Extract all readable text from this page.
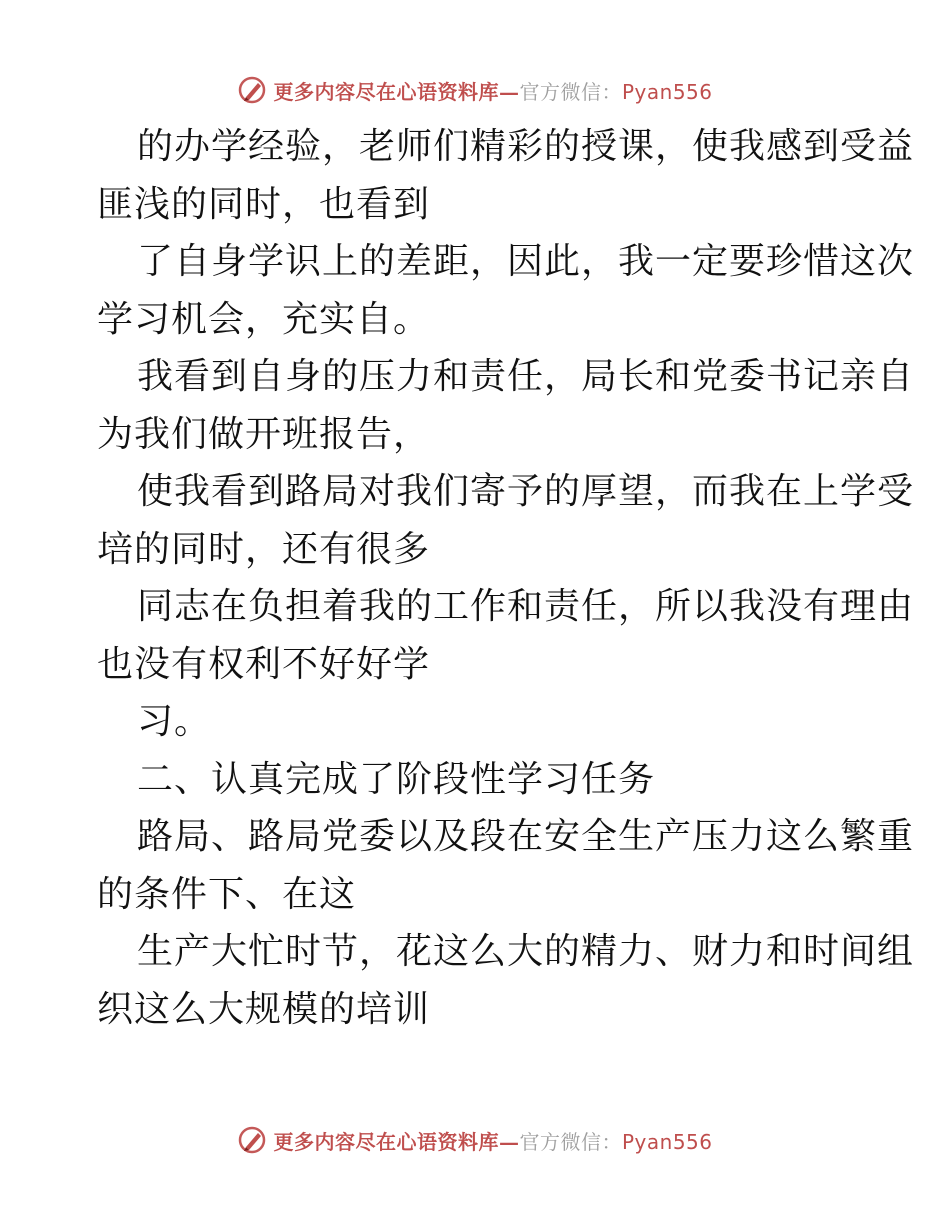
更多内容尽在心语资料库—官方微信：Pyan556
的办学经验，老师们精彩的授课，使我感到受益
匪浅的同时，也看到
了自身学识上的差距，因此，我一定要珍惜这次
学习机会，充实自。
我看到自身的压力和责任，局长和党委书记亲自
为我们做开班报告，
使我看到路局对我们寄予的厚望，而我在上学受
培的同时，还有很多
同志在负担着我的工作和责任，所以我没有理由
也没有权利不好好学
习。
二、认真完成了阶段性学习任务
路局、路局党委以及段在安全生产压力这么繁重
的条件下、在这
生产大忙时节，花这么大的精力、财力和时间组
织这么大规模的培训
更多内容尽在心语资料库—官方微信：Pyan556
